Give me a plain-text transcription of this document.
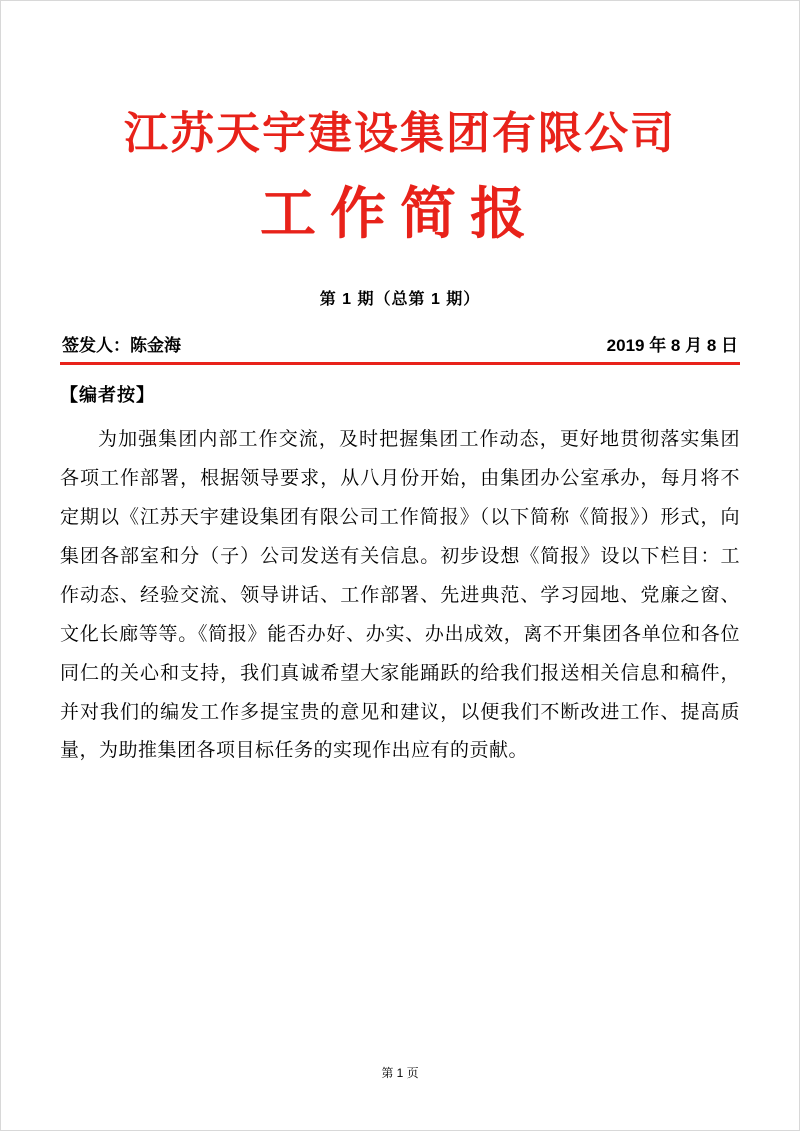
江苏天宇建设集团有限公司
工作简报
第 1 期（总第 1 期）
签发人：陈金海	2019 年 8 月 8 日
【编者按】
为加强集团内部工作交流，及时把握集团工作动态，更好地贯彻落实集团各项工作部署，根据领导要求，从八月份开始，由集团办公室承办，每月将不定期以《江苏天宇建设集团有限公司工作简报》（以下简称《简报》）形式，向集团各部室和分（子）公司发送有关信息。初步设想《简报》设以下栏目：工作动态、经验交流、领导讲话、工作部署、先进典范、学习园地、党廉之窗、文化长廊等等。《简报》能否办好、办实、办出成效，离不开集团各单位和各位同仁的关心和支持，我们真诚希望大家能踊跃的给我们报送相关信息和稿件，并对我们的编发工作多提宝贵的意见和建议，以便我们不断改进工作、提高质量，为助推集团各项目标任务的实现作出应有的贡献。
第 1 页
